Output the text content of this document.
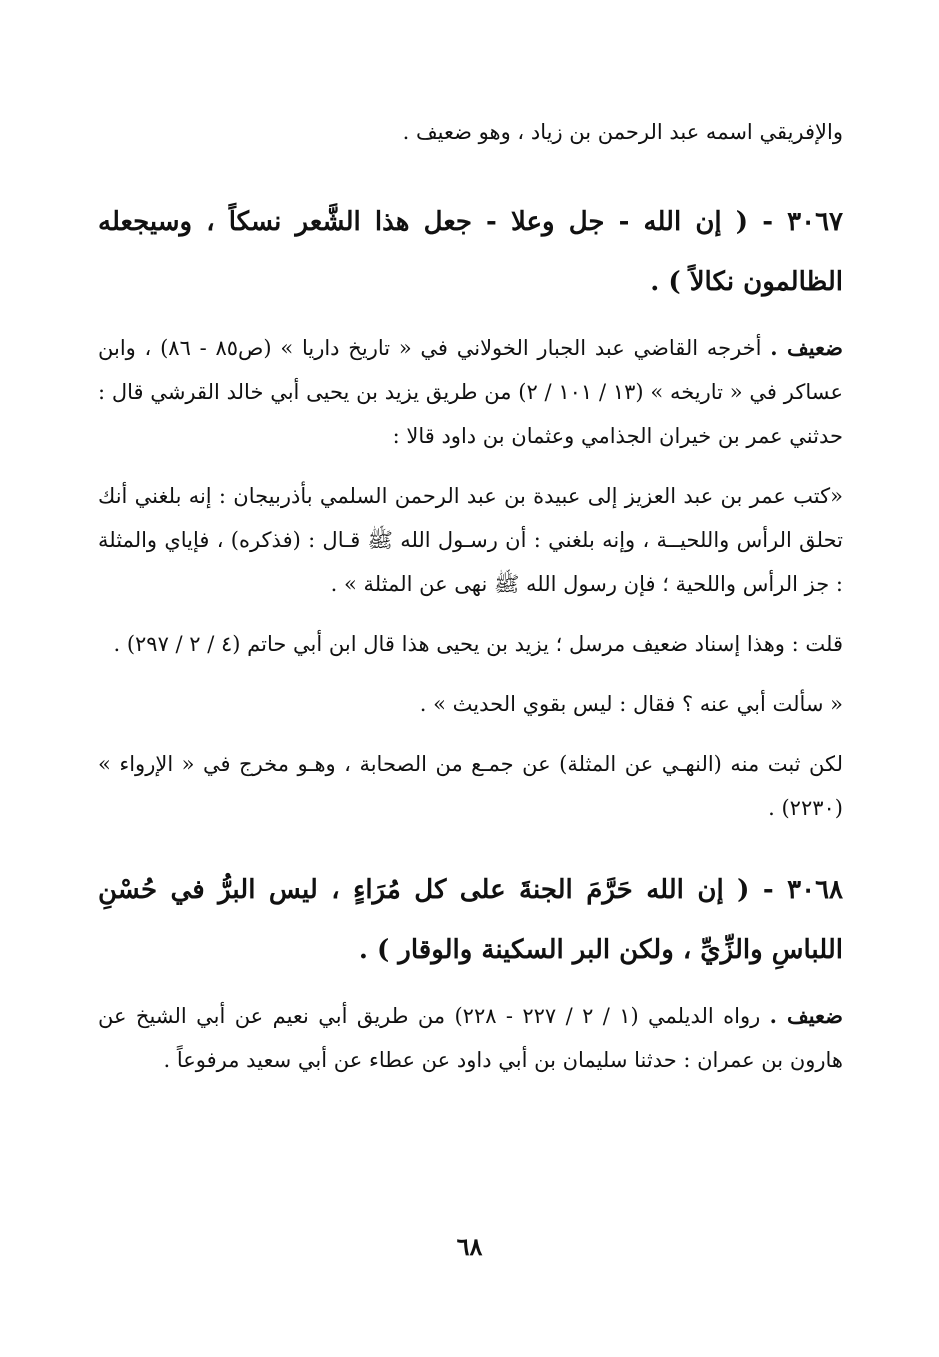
والإفريقي اسمه عبد الرحمن بن زياد ، وهو ضعيف .

٣٠٦٧ - ( إن الله - جل وعلا - جعل هذا الشَّعر نسكاً ، وسيجعله الظالمون نكالاً ) .

ضعيف . أخرجه القاضي عبد الجبار الخولاني في « تاريخ داريا » (ص٨٥ - ٨٦) ، وابن عساكر في « تاريخه » (١٣ / ١٠١ / ٢) من طريق يزيد بن يحيى أبي خالد القرشي قال : حدثني عمر بن خيران الجذامي وعثمان بن داود قالا :

«كتب عمر بن عبد العزيز إلى عبيدة بن عبد الرحمن السلمي بأذربيجان : إنه بلغني أنك تحلق الرأس واللحيــة ، وإنه بلغني : أن رسـول الله ﷺ قـال : (فذكره) ، فإياي والمثلة : جز الرأس واللحية ؛ فإن رسول الله ﷺ نهى عن المثلة » .

قلت : وهذا إسناد ضعيف مرسل ؛ يزيد بن يحيى هذا قال ابن أبي حاتم (٤ / ٢ / ٢٩٧) .

« سألت أبي عنه ؟ فقال : ليس بقوي الحديث » .

لكن ثبت منه (النهـي عن المثلة) عن جمـع من الصحابة ، وهـو مخرج في « الإرواء » (٢٢٣٠) .

٣٠٦٨ - ( إن الله حَرَّمَ الجنةَ على كل مُرَاءٍ ، ليس البرُّ في حُسْنِ اللباسِ والزِّيِّ ، ولكن البر السكينة والوقار ) .

ضعيف . رواه الديلمي (١ / ٢ / ٢٢٧ - ٢٢٨) من طريق أبي نعيم عن أبي الشيخ عن هارون بن عمران : حدثنا سليمان بن أبي داود عن عطاء عن أبي سعيد مرفوعاً .

٦٨
